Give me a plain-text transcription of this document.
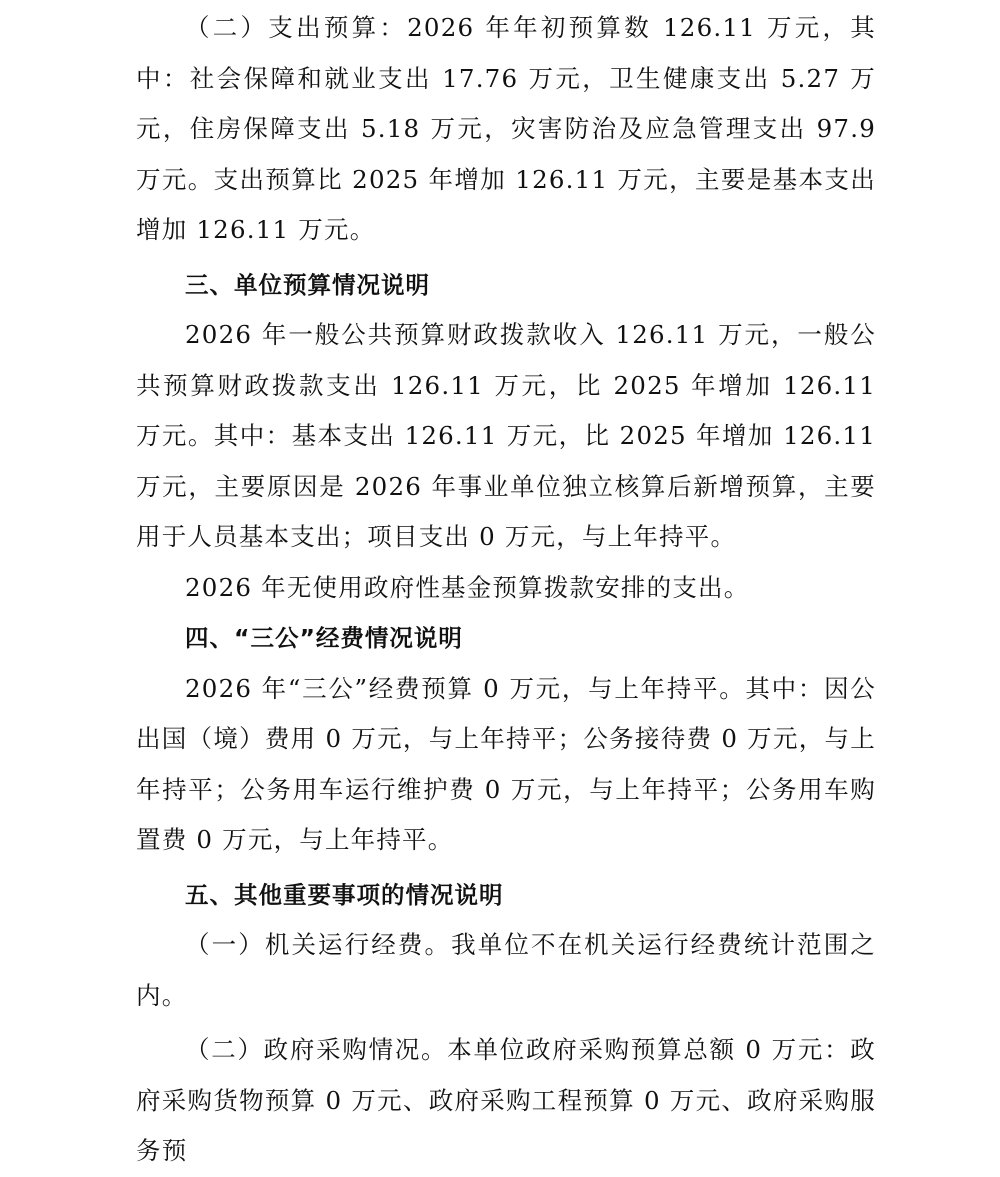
（二）支出预算：2026 年年初预算数 126.11 万元，其中：社会保障和就业支出 17.76 万元，卫生健康支出 5.27 万元，住房保障支出 5.18 万元，灾害防治及应急管理支出 97.9 万元。支出预算比 2025 年增加 126.11 万元，主要是基本支出增加 126.11 万元。

三、单位预算情况说明

2026 年一般公共预算财政拨款收入 126.11 万元，一般公共预算财政拨款支出 126.11 万元，比 2025 年增加 126.11 万元。其中：基本支出 126.11 万元，比 2025 年增加 126.11 万元，主要原因是 2026 年事业单位独立核算后新增预算，主要用于人员基本支出；项目支出 0 万元，与上年持平。

2026 年无使用政府性基金预算拨款安排的支出。

四、“三公”经费情况说明

2026 年“三公”经费预算 0 万元，与上年持平。其中：因公出国（境）费用 0 万元，与上年持平；公务接待费 0 万元，与上年持平；公务用车运行维护费 0 万元，与上年持平；公务用车购置费 0 万元，与上年持平。

五、其他重要事项的情况说明

（一）机关运行经费。我单位不在机关运行经费统计范围之内。

（二）政府采购情况。本单位政府采购预算总额 0 万元：政府采购货物预算 0 万元、政府采购工程预算 0 万元、政府采购服务预
